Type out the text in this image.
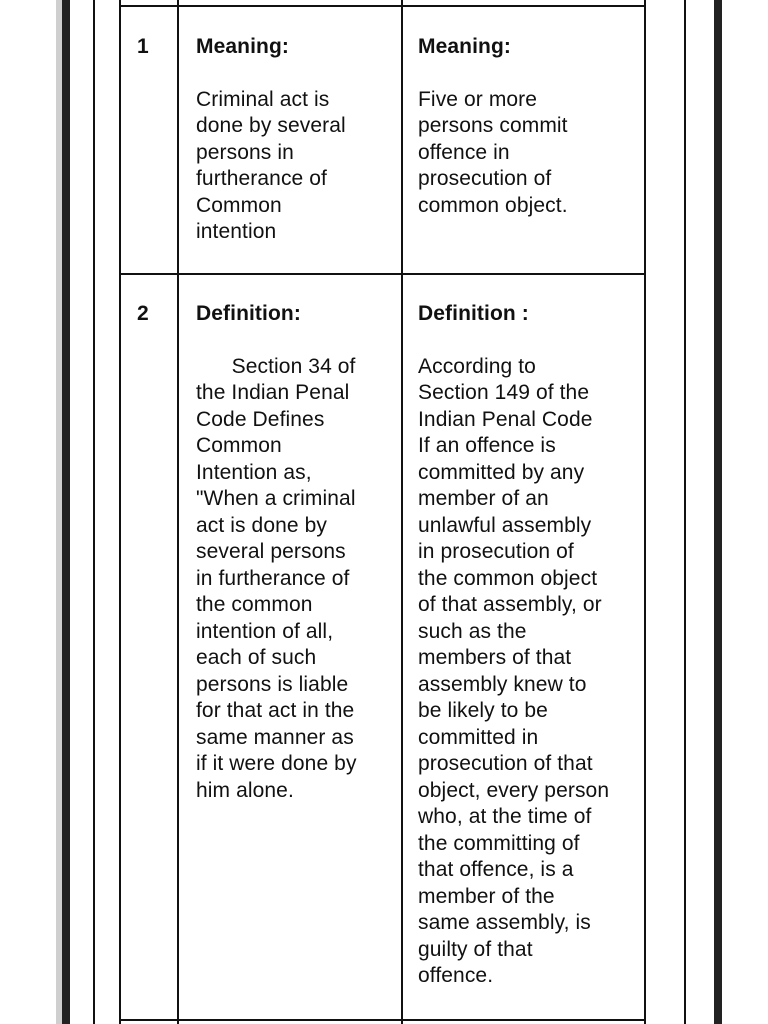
1 Meaning:
Criminal act is
done by several
persons in
furtherance of
Common
intention
Meaning:
Five or more
persons commit
offence in
prosecution of
common object.
2 Definition:
Section 34 of
the Indian Penal
Code Defines
Common
Intention as,
"When a criminal
act is done by
several persons
in furtherance of
the common
intention of all,
each of such
persons is liable
for that act in the
same manner as
if it were done by
him alone.
Definition :
According to
Section 149 of the
Indian Penal Code
If an offence is
committed by any
member of an
unlawful assembly
in prosecution of
the common object
of that assembly, or
such as the
members of that
assembly knew to
be likely to be
committed in
prosecution of that
object, every person
who, at the time of
the committing of
that offence, is a
member of the
same assembly, is
guilty of that
offence.
